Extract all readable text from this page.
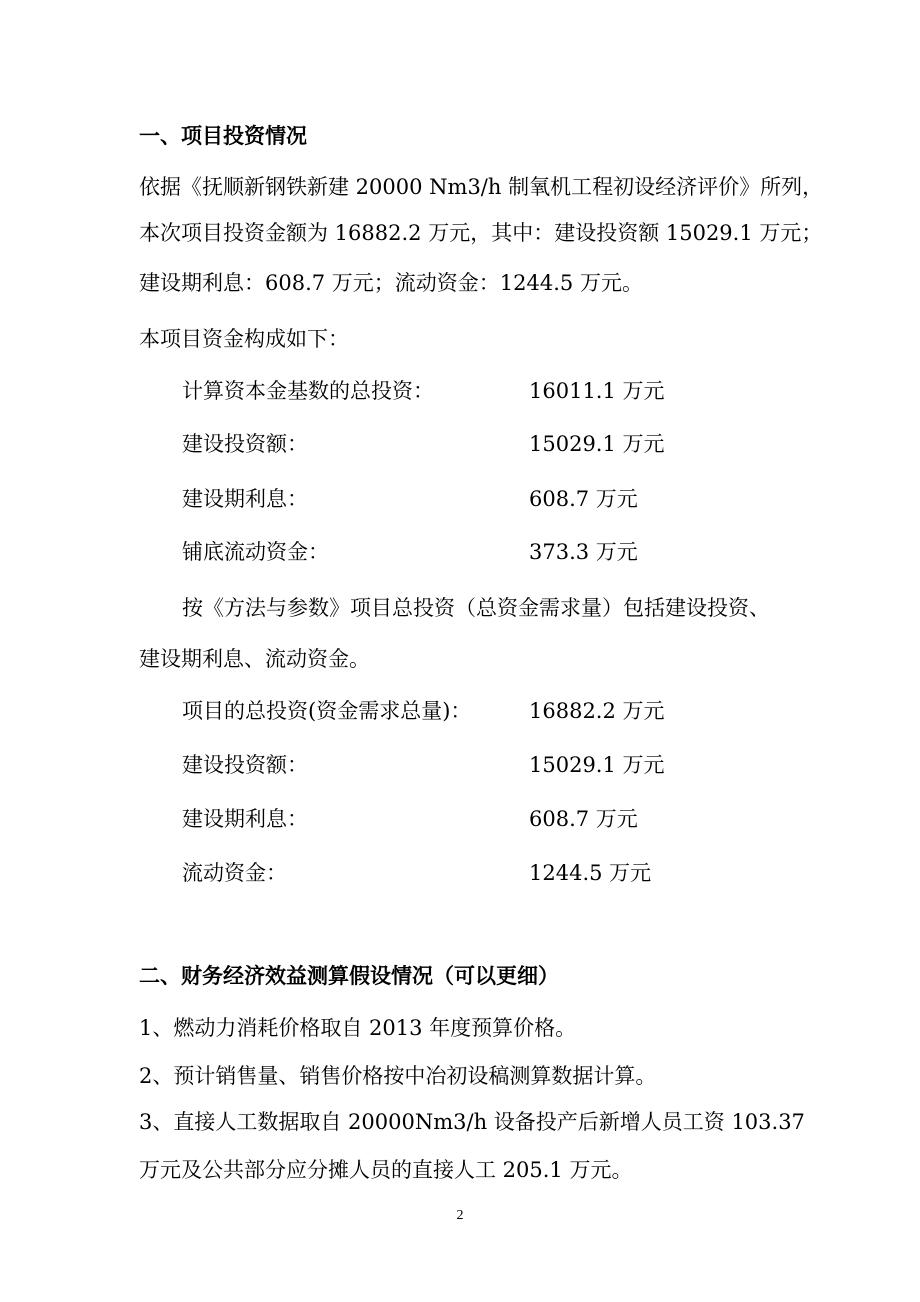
一、项目投资情况
依据《抚顺新钢铁新建 20000 Nm3/h 制氧机工程初设经济评价》所列，
本次项目投资金额为 16882.2 万元，其中：建设投资额 15029.1 万元；
建设期利息：608.7 万元；流动资金：1244.5 万元。
本项目资金构成如下：
计算资本金基数的总投资：	16011.1 万元
建设投资额：	15029.1 万元
建设期利息：	608.7 万元
铺底流动资金：	373.3 万元
按《方法与参数》项目总投资（总资金需求量）包括建设投资、
建设期利息、流动资金。
项目的总投资(资金需求总量)：	16882.2 万元
建设投资额：	15029.1 万元
建设期利息：	608.7 万元
流动资金：	1244.5 万元
二、财务经济效益测算假设情况（可以更细）
1、燃动力消耗价格取自 2013 年度预算价格。
2、预计销售量、销售价格按中冶初设稿测算数据计算。
3、直接人工数据取自 20000Nm3/h 设备投产后新增人员工资 103.37
万元及公共部分应分摊人员的直接人工 205.1 万元。
2
